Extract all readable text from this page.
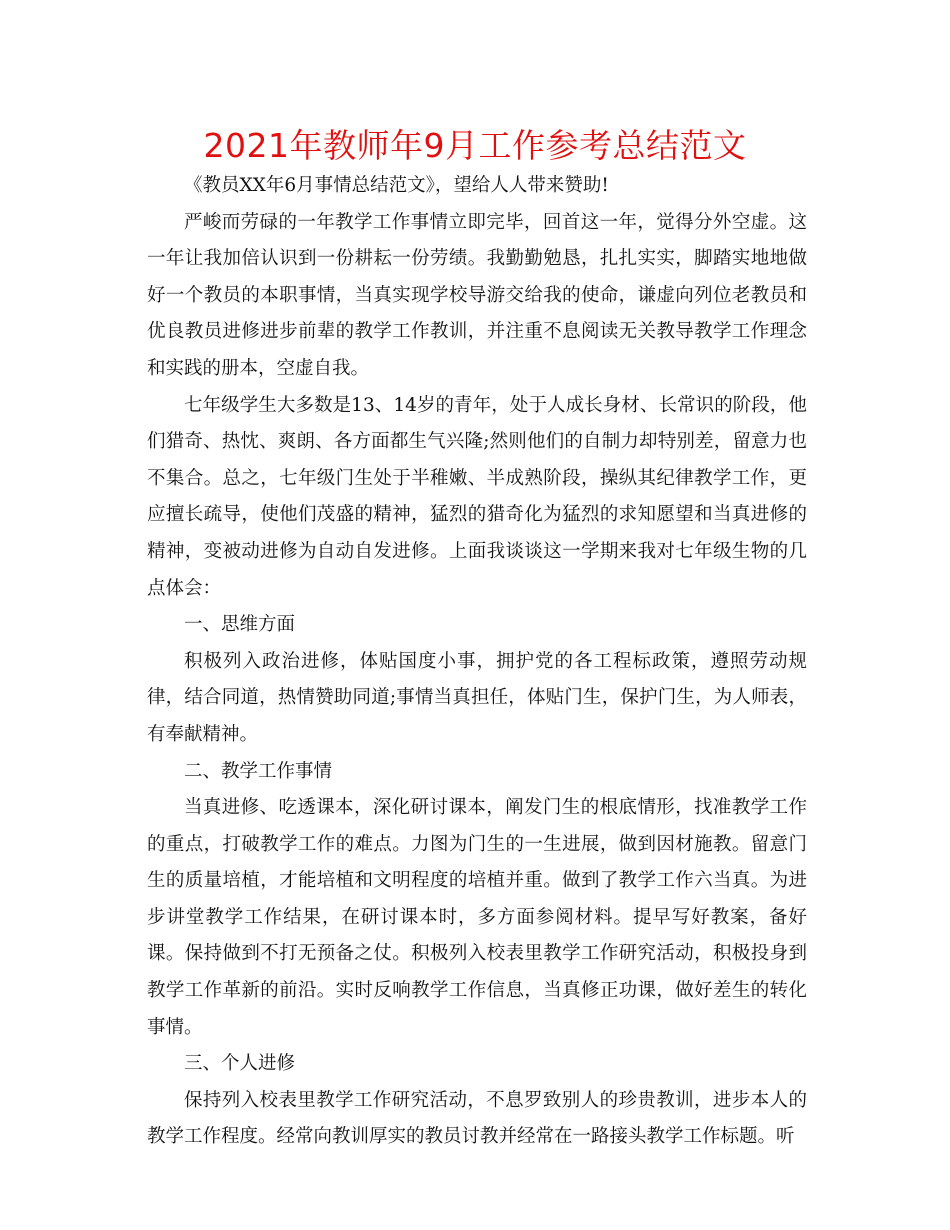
2021年教师年9月工作参考总结范文

《教员XX年6月事情总结范文》，望给人人带来赞助!

严峻而劳碌的一年教学工作事情立即完毕，回首这一年，觉得分外空虚。这一年让我加倍认识到一份耕耘一份劳绩。我勤勤勉恳，扎扎实实，脚踏实地地做好一个教员的本职事情，当真实现学校导游交给我的使命，谦虚向列位老教员和优良教员进修进步前辈的教学工作教训，并注重不息阅读无关教导教学工作理念和实践的册本，空虚自我。

七年级学生大多数是13、14岁的青年，处于人成长身材、长常识的阶段，他们猎奇、热忱、爽朗、各方面都生气兴隆;然则他们的自制力却特别差，留意力也不集合。总之，七年级门生处于半稚嫩、半成熟阶段，操纵其纪律教学工作，更应擅长疏导，使他们茂盛的精神，猛烈的猎奇化为猛烈的求知愿望和当真进修的精神，变被动进修为自动自发进修。上面我谈谈这一学期来我对七年级生物的几点体会：

一、思维方面

积极列入政治进修，体贴国度小事，拥护党的各工程标政策，遵照劳动规律，结合同道，热情赞助同道;事情当真担任，体贴门生，保护门生，为人师表，有奉献精神。

二、教学工作事情

当真进修、吃透课本，深化研讨课本，阐发门生的根底情形，找准教学工作的重点，打破教学工作的难点。力图为门生的一生进展，做到因材施教。留意门生的质量培植，才能培植和文明程度的培植并重。做到了教学工作六当真。为进步讲堂教学工作结果，在研讨课本时，多方面参阅材料。提早写好教案，备好课。保持做到不打无预备之仗。积极列入校表里教学工作研究活动，积极投身到教学工作革新的前沿。实时反响教学工作信息，当真修正功课，做好差生的转化事情。

三、个人进修

保持列入校表里教学工作研究活动，不息罗致别人的珍贵教训，进步本人的教学工作程度。经常向教训厚实的教员讨教并经常在一路接头教学工作标题。听
